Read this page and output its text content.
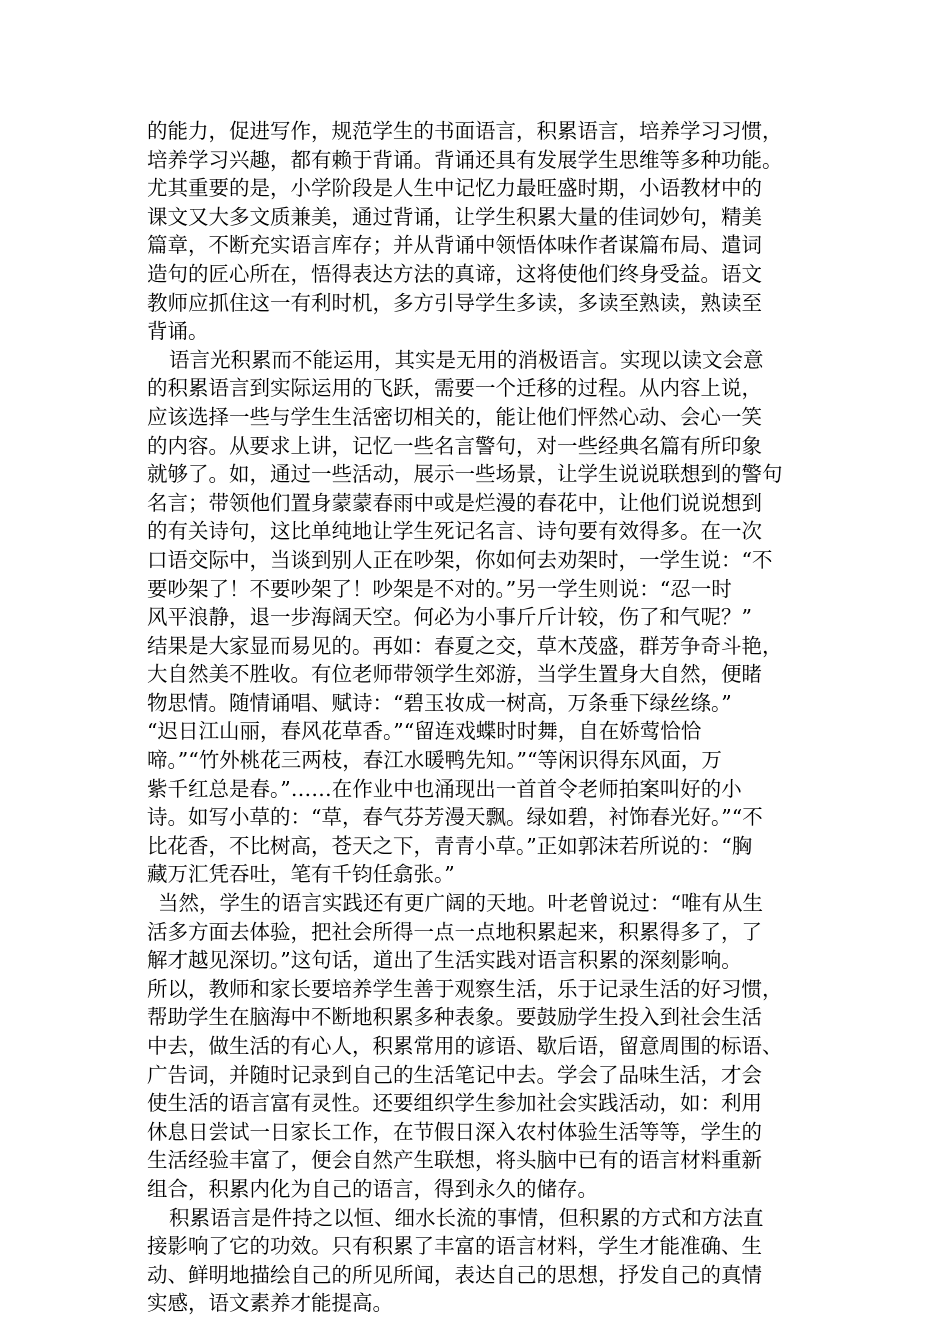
的能力，促进写作，规范学生的书面语言，积累语言，培养学习习惯，
培养学习兴趣，都有赖于背诵。背诵还具有发展学生思维等多种功能。
尤其重要的是，小学阶段是人生中记忆力最旺盛时期，小语教材中的
课文又大多文质兼美，通过背诵，让学生积累大量的佳词妙句，精美
篇章，不断充实语言库存；并从背诵中领悟体味作者谋篇布局、遣词
造句的匠心所在，悟得表达方法的真谛，这将使他们终身受益。语文
教师应抓住这一有利时机，多方引导学生多读，多读至熟读，熟读至
背诵。
语言光积累而不能运用，其实是无用的消极语言。实现以读文会意
的积累语言到实际运用的飞跃，需要一个迁移的过程。从内容上说，
应该选择一些与学生生活密切相关的，能让他们怦然心动、会心一笑
的内容。从要求上讲，记忆一些名言警句，对一些经典名篇有所印象
就够了。如，通过一些活动，展示一些场景，让学生说说联想到的警句
名言；带领他们置身蒙蒙春雨中或是烂漫的春花中，让他们说说想到
的有关诗句，这比单纯地让学生死记名言、诗句要有效得多。在一次
口语交际中，当谈到别人正在吵架，你如何去劝架时，一学生说：“不
要吵架了！不要吵架了！吵架是不对的。”另一学生则说：“忍一时
风平浪静，退一步海阔天空。何必为小事斤斤计较，伤了和气呢？”
结果是大家显而易见的。再如：春夏之交，草木茂盛，群芳争奇斗艳，
大自然美不胜收。有位老师带领学生郊游，当学生置身大自然，便睹
物思情。随情诵唱、赋诗：“碧玉妆成一树高，万条垂下绿丝绦。”
“迟日江山丽，春风花草香。”“留连戏蝶时时舞，自在娇莺恰恰
啼。”“竹外桃花三两枝，春江水暖鸭先知。”“等闲识得东风面，万
紫千红总是春。”……在作业中也涌现出一首首令老师拍案叫好的小
诗。如写小草的：“草，春气芬芳漫天飘。绿如碧，衬饰春光好。”“不
比花香，不比树高，苍天之下，青青小草。”正如郭沫若所说的：“胸
藏万汇凭吞吐，笔有千钧任翕张。”
当然，学生的语言实践还有更广阔的天地。叶老曾说过：“唯有从生
活多方面去体验，把社会所得一点一点地积累起来，积累得多了，了
解才越见深切。”这句话，道出了生活实践对语言积累的深刻影响。
所以，教师和家长要培养学生善于观察生活，乐于记录生活的好习惯，
帮助学生在脑海中不断地积累多种表象。要鼓励学生投入到社会生活
中去，做生活的有心人，积累常用的谚语、歇后语，留意周围的标语、
广告词，并随时记录到自己的生活笔记中去。学会了品味生活，才会
使生活的语言富有灵性。还要组织学生参加社会实践活动，如：利用
休息日尝试一日家长工作，在节假日深入农村体验生活等等，学生的
生活经验丰富了，便会自然产生联想，将头脑中已有的语言材料重新
组合，积累内化为自己的语言，得到永久的储存。
积累语言是件持之以恒、细水长流的事情，但积累的方式和方法直
接影响了它的功效。只有积累了丰富的语言材料，学生才能准确、生
动、鲜明地描绘自己的所见所闻，表达自己的思想，抒发自己的真情
实感，语文素养才能提高。
